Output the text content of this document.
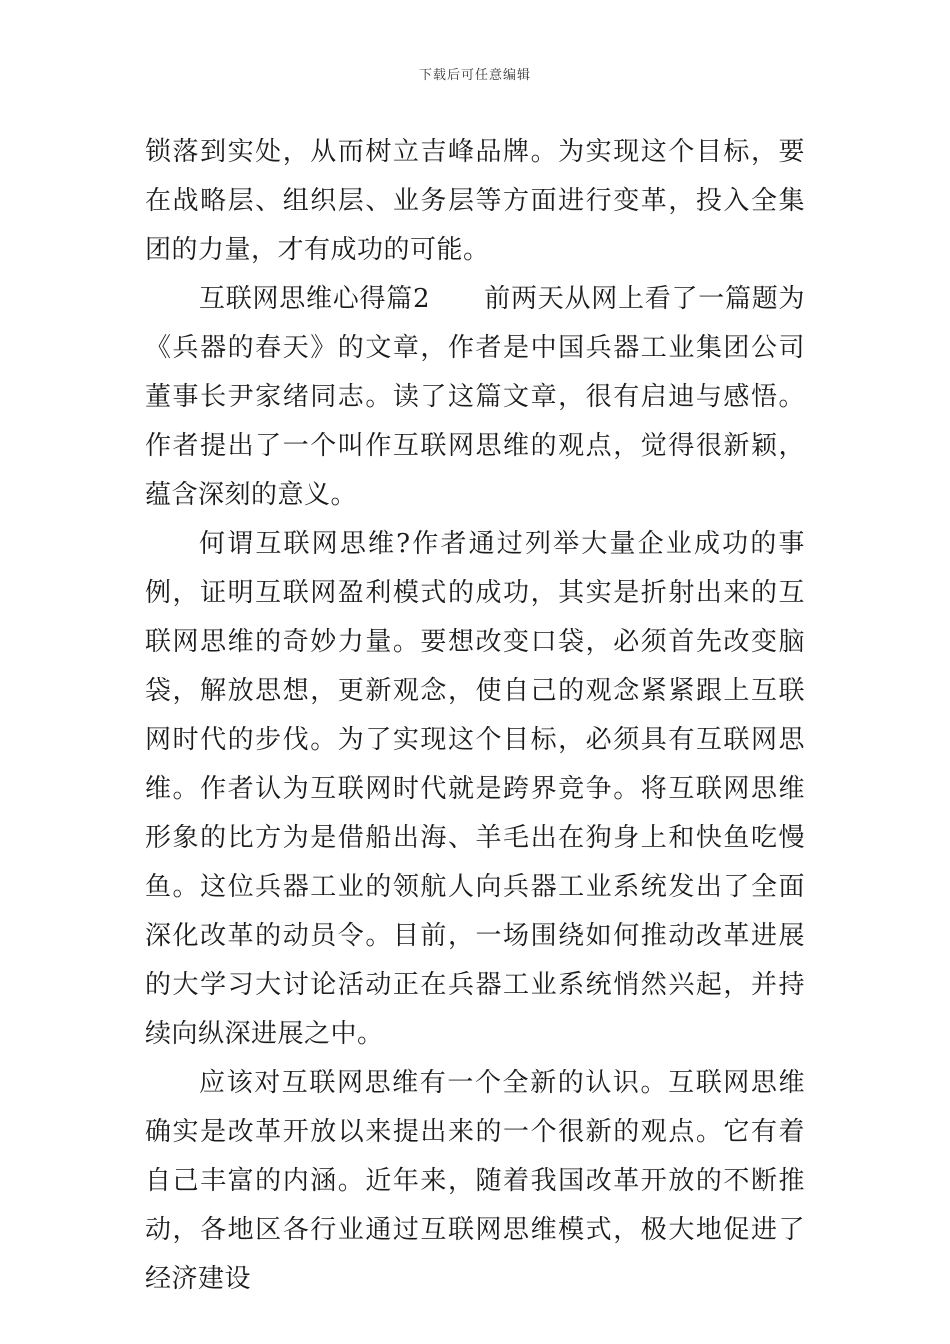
下载后可任意编辑

锁落到实处，从而树立吉峰品牌。为实现这个目标，要在战略层、组织层、业务层等方面进行变革，投入全集团的力量，才有成功的可能。

互联网思维心得篇2 前两天从网上看了一篇题为《兵器的春天》的文章，作者是中国兵器工业集团公司董事长尹家绪同志。读了这篇文章，很有启迪与感悟。作者提出了一个叫作互联网思维的观点，觉得很新颖，蕴含深刻的意义。

何谓互联网思维?作者通过列举大量企业成功的事例，证明互联网盈利模式的成功，其实是折射出来的互联网思维的奇妙力量。要想改变口袋，必须首先改变脑袋，解放思想，更新观念，使自己的观念紧紧跟上互联网时代的步伐。为了实现这个目标，必须具有互联网思维。作者认为互联网时代就是跨界竞争。将互联网思维形象的比方为是借船出海、羊毛出在狗身上和快鱼吃慢鱼。这位兵器工业的领航人向兵器工业系统发出了全面深化改革的动员令。目前，一场围绕如何推动改革进展的大学习大讨论活动正在兵器工业系统悄然兴起，并持续向纵深进展之中。

应该对互联网思维有一个全新的认识。互联网思维确实是改革开放以来提出来的一个很新的观点。它有着自己丰富的内涵。近年来，随着我国改革开放的不断推动，各地区各行业通过互联网思维模式，极大地促进了经济建设
